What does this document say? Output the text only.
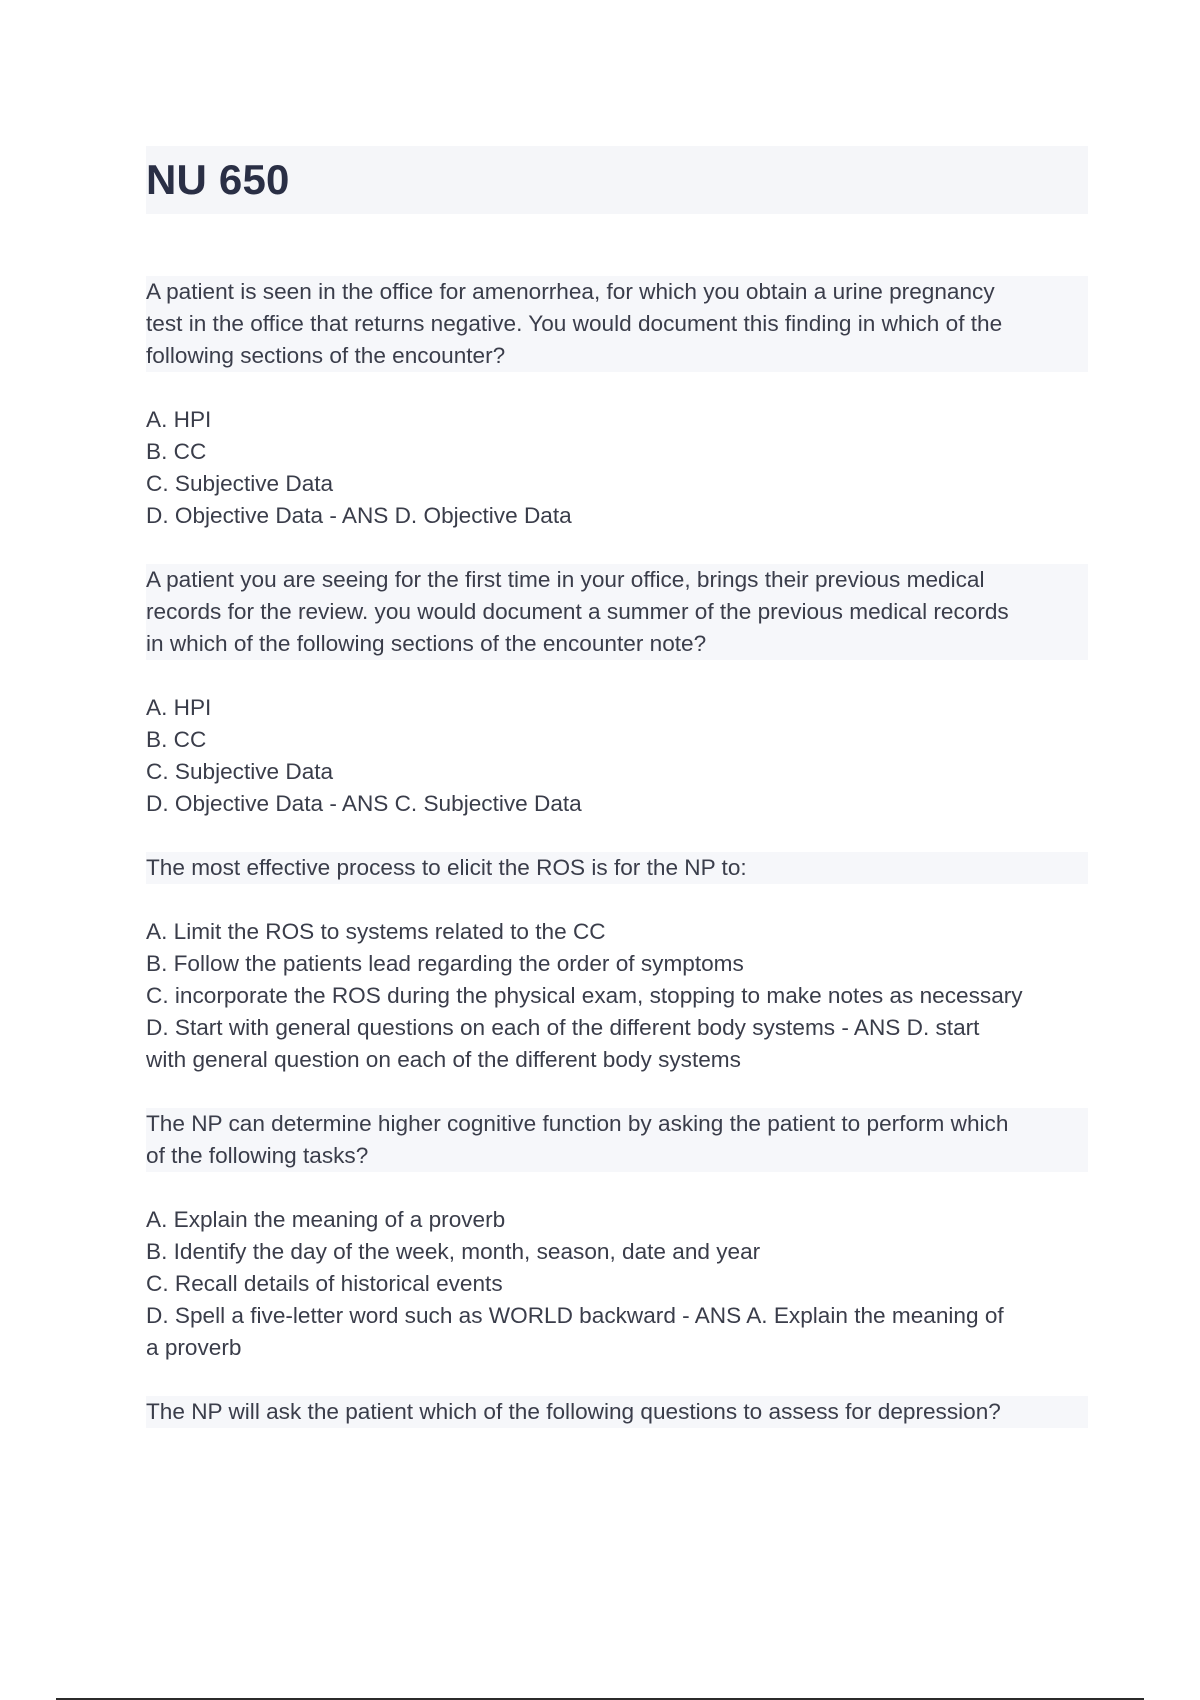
NU 650
A patient is seen in the office for amenorrhea, for which you obtain a urine pregnancy
test in the office that returns negative. You would document this finding in which of the
following sections of the encounter?
A. HPI
B. CC
C. Subjective Data
D. Objective Data - ANS D. Objective Data
A patient you are seeing for the first time in your office, brings their previous medical
records for the review. you would document a summer of the previous medical records
in which of the following sections of the encounter note?
A. HPI
B. CC
C. Subjective Data
D. Objective Data - ANS C. Subjective Data
The most effective process to elicit the ROS is for the NP to:
A. Limit the ROS to systems related to the CC
B. Follow the patients lead regarding the order of symptoms
C. incorporate the ROS during the physical exam, stopping to make notes as necessary
D. Start with general questions on each of the different body systems - ANS D. start
with general question on each of the different body systems
The NP can determine higher cognitive function by asking the patient to perform which
of the following tasks?
A. Explain the meaning of a proverb
B. Identify the day of the week, month, season, date and year
C. Recall details of historical events
D. Spell a five-letter word such as WORLD backward - ANS A. Explain the meaning of
a proverb
The NP will ask the patient which of the following questions to assess for depression?
